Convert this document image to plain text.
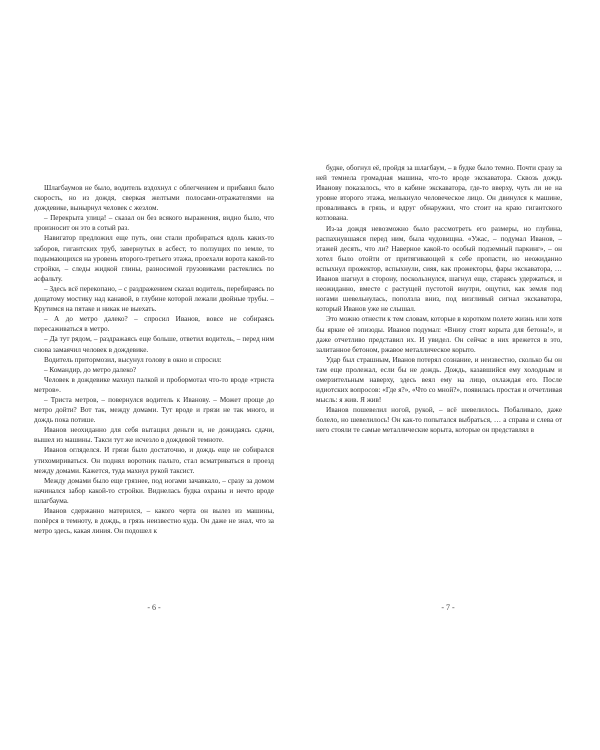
Шлагбаумов не было, водитель вздохнул с облегчением и прибавил было скорость, но из дождя, сверкая желтыми полосами-отражателями на дождевике, вынырнул человек с жезлом.

– Перекрыта улица! – сказал он без всякого выражения, видно было, что произносит он это в сотый раз.

Навигатор предложил еще путь, они стали пробираться вдоль каких-то заборов, гигантских труб, завернутых в асбест, то ползущих по земле, то подымающихся на уровень второго-третьего этажа, проехали ворота какой-то стройки, – следы жидкой глины, разносимой грузовиками растеклись по асфальту.

– Здесь всё перекопано, – с раздражением сказал водитель, перебираясь по дощатому мостику над канавой, в глубине которой лежали двойные трубы. – Крутимся на пятаке и никак не выехать.

– А до метро далеко? – спросил Иванов, вовсе не собираясь пересаживаться в метро.

– Да тут рядом, – раздражаясь еще больше, ответил водитель, – перед ним снова замаячил человек в дождевике.

Водитель притормозил, высунул голову в окно и спросил:

– Командир, до метро далеко?

Человек в дождевике махнул палкой и пробормотал что-то вроде «триста метров».

– Триста метров, – повернулся водитель к Иванову. – Может проще до метро дойти? Вот так, между домами. Тут вроде и грязи не так много, и дождь пока потише.

Иванов неохиданно для себя вытащил деньги и, не дожидаясь сдачи, вышел из машины. Такси тут же исчезло в дождевой темноте.

Иванов огляделся. И грязи было достаточно, и дождь еще не собирался утихомириваться. Он поднял воротник пальто, стал всматриваться в проезд между домами. Кажется, туда махнул рукой таксист.

Между домами было еще грязнее, под ногами зачавкало, – сразу за домом начинался забор какой-то стройки. Виднелась будка охраны и нечто вроде шлагбаума.

Иванов сдержанно матерился, – какого черта он вылез из машины, попёрся в темноту, в дождь, в грязь неизвестно куда. Он даже не знал, что за метро здесь, какая линия. Он подошел к

- 6 -

будке, обогнул её, пройдя за шлагбаум, – в будке было темно. Почти сразу за ней темнела громадная машина, что-то вроде экскаватора. Сквозь дождь Иванову показалось, что в кабине экскаватора, где-то вверху, чуть ли не на уровне второго этажа, мелькнуло человеческое лицо. Он двинулся к машине, проваливаясь в грязь, и вдруг обнаружил, что стоит на краю гигантского котлована.

Из-за дождя невозможно было рассмотреть его размеры, но глубина, распахнувшаяся перед ним, была чудовищна. «Ужас, – подумал Иванов, – этажей десять, что ли? Наверное какой-то особый подземный паркинг», – он хотел было отойти от притягивающей к себе пропасти, но неожиданно вспыхнул прожектор, вспыхнули, сияя, как прожекторы, фары экскаватора, … Иванов шагнул в сторону, поскользнулся, шагнул еще, стараясь удержаться, и неожиданно, вместе с растущей пустотой внутри, ощутил, как земля под ногами шевельнулась, поползла вниз, под визгливый сигнал экскаватора, который Иванов уже не слышал.

Это можно отнести к тем словам, которые в коротком полете жизнь или хотя бы яркие её эпизоды. Иванов подумал: «Внизу стоят корыта для бетона!», и даже отчетливо представил их. И увидел. Он сейчас в них врежется в это, залитанное бетоном, ржавое металлическое корыто.

Удар был страшным, Иванов потерял сознание, и неизвестно, сколько бы он там еще пролежал, если бы не дождь. Дождь, казавшийся ему холодным и омерзительным наверху, здесь веял ему на лицо, охлаждая его. После идиотских вопросов: «Где я?», «Что со мной?», появилась простая и отчетливая мысль: я жив. Я жив!

Иванов пошевелил ногой, рукой, – всё шевелилось. Побаливало, даже болело, но шевелилось! Он как-то попытался выбраться, … а справа и слева от него стояли те самые металлические корыта, которые он представлял в

- 7 -
